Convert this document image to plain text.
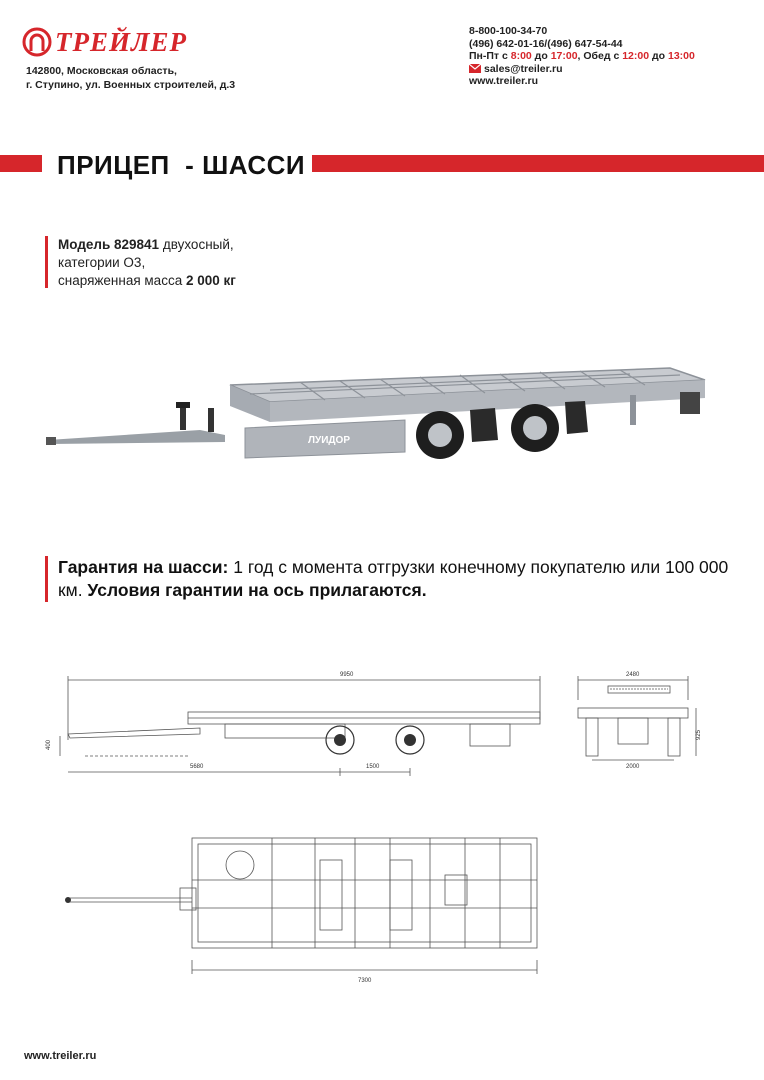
ТРЕЙЛЕР
142800, Московская область,
г. Ступино, ул. Военных строителей, д.3
8-800-100-34-70
(496) 642-01-16/(496) 647-54-44
Пн-Пт с 8:00 до 17:00, Обед с 12:00 до 13:00
sales@treiler.ru
www.treiler.ru
ПРИЦЕП  - ШАССИ
Модель 829841 двухосный,
категории О3,
снаряженная масса 2 000 кг
ЛУИДОР
Гарантия на шасси: 1 год с момента отгрузки конечному покупателю или 100 000 км. Условия гарантии на ось прилагаются.
9950
400
5680	1500
2480
2000
925
7300
www.treiler.ru
